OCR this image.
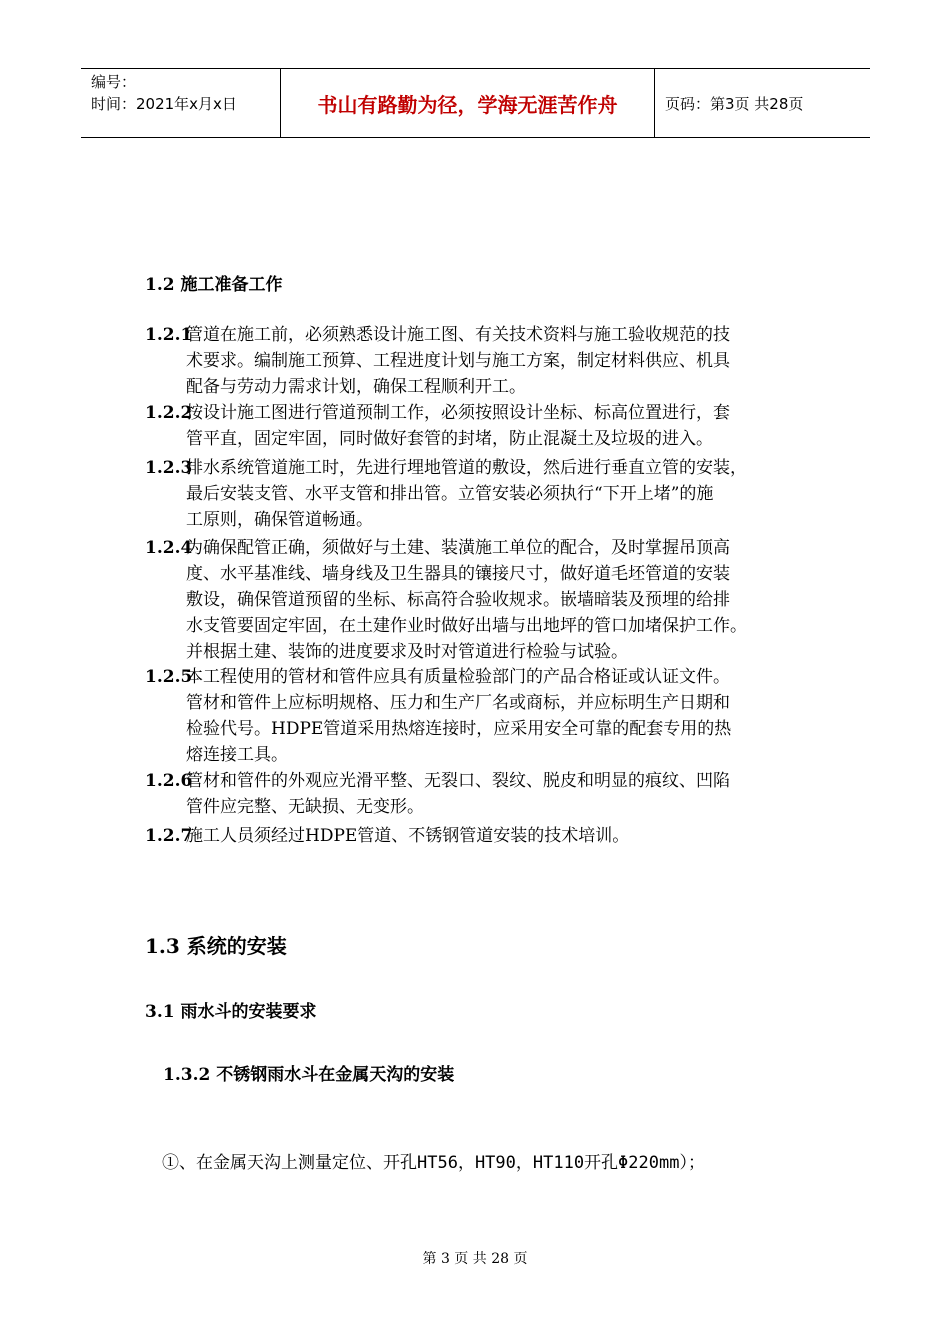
编号：
时间：2021年x月x日	书山有路勤为径，学海无涯苦作舟	页码：第3页 共28页
1.2 施工准备工作
1.2.1管道在施工前，必须熟悉设计施工图、有关技术资料与施工验收规范的技
术要求。编制施工预算、工程进度计划与施工方案，制定材料供应、机具
配备与劳动力需求计划，确保工程顺利开工。
1.2.2按设计施工图进行管道预制工作，必须按照设计坐标、标高位置进行，套
管平直，固定牢固，同时做好套管的封堵，防止混凝土及垃圾的进入。
1.2.3排水系统管道施工时，先进行埋地管道的敷设，然后进行垂直立管的安装，
最后安装支管、水平支管和排出管。立管安装必须执行“下开上堵”的施
工原则，确保管道畅通。
1.2.4为确保配管正确，须做好与土建、装潢施工单位的配合，及时掌握吊顶高
度、水平基准线、墙身线及卫生器具的镶接尺寸，做好道毛坯管道的安装
敷设，确保管道预留的坐标、标高符合验收规求。嵌墙暗装及预埋的给排
水支管要固定牢固，在土建作业时做好出墙与出地坪的管口加堵保护工作。
并根据土建、装饰的进度要求及时对管道进行检验与试验。
1.2.5本工程使用的管材和管件应具有质量检验部门的产品合格证或认证文件。
管材和管件上应标明规格、压力和生产厂名或商标，并应标明生产日期和
检验代号。HDPE管道采用热熔连接时，应采用安全可靠的配套专用的热
熔连接工具。
1.2.6管材和管件的外观应光滑平整、无裂口、裂纹、脱皮和明显的痕纹、凹陷
管件应完整、无缺损、无变形。
1.2.7施工人员须经过HDPE管道、不锈钢管道安装的技术培训。
1.3 系统的安装
3.1 雨水斗的安装要求
1.3.2 不锈钢雨水斗在金属天沟的安装
①、在金属天沟上测量定位、开孔HT56，HT90，HT110开孔Φ220mm）；
第 3 页 共 28 页
